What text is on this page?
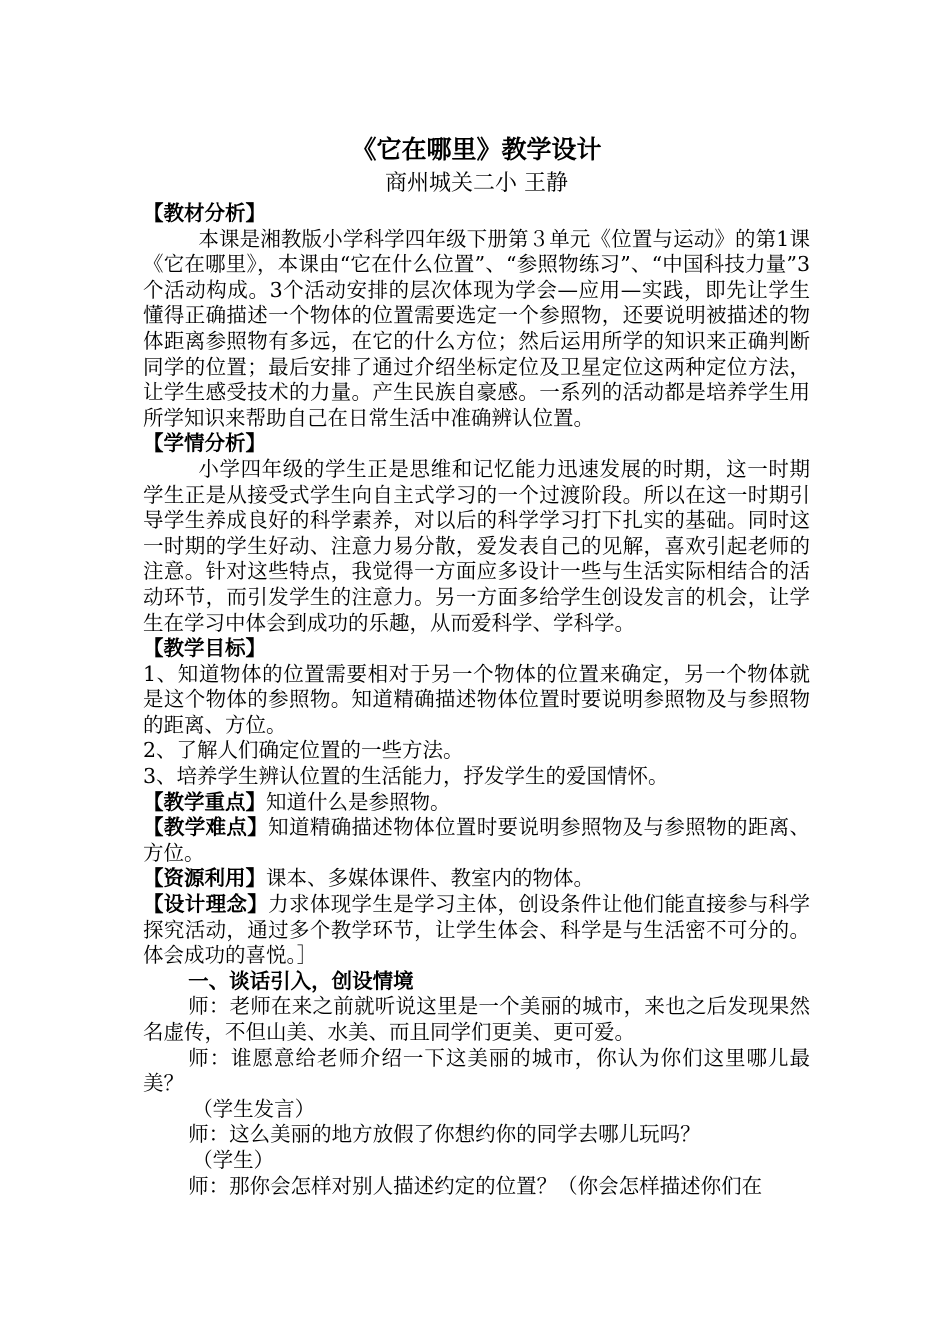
《它在哪里》教学设计
商州城关二小 王静
【教材分析】

本课是湘教版小学科学四年级下册第３单元《位置与运动》的第1课《它在哪里》，本课由“它在什么位置”、“参照物练习”、“中国科技力量”3个活动构成。3个活动安排的层次体现为学会—应用—实践，即先让学生懂得正确描述一个物体的位置需要选定一个参照物，还要说明被描述的物体距离参照物有多远，在它的什么方位；然后运用所学的知识来正确判断同学的位置；最后安排了通过介绍坐标定位及卫星定位这两种定位方法，让学生感受技术的力量。产生民族自豪感。一系列的活动都是培养学生用所学知识来帮助自己在日常生活中准确辨认位置。

【学情分析】

小学四年级的学生正是思维和记忆能力迅速发展的时期，这一时期学生正是从接受式学生向自主式学习的一个过渡阶段。所以在这一时期引导学生养成良好的科学素养，对以后的科学学习打下扎实的基础。同时这一时期的学生好动、注意力易分散，爱发表自己的见解，喜欢引起老师的注意。针对这些特点，我觉得一方面应多设计一些与生活实际相结合的活动环节，而引发学生的注意力。另一方面多给学生创设发言的机会，让学生在学习中体会到成功的乐趣，从而爱科学、学科学。

【教学目标】

1、知道物体的位置需要相对于另一个物体的位置来确定，另一个物体就是这个物体的参照物。知道精确描述物体位置时要说明参照物及与参照物的距离、方位。

2、了解人们确定位置的一些方法。

3、培养学生辨认位置的生活能力，抒发学生的爱国情怀。

【教学重点】知道什么是参照物。

【教学难点】知道精确描述物体位置时要说明参照物及与参照物的距离、方位。

【资源利用】课本、多媒体课件、教室内的物体。

【设计理念】力求体现学生是学习主体，创设条件让他们能直接参与科学探究活动，通过多个教学环节，让学生体会、科学是与生活密不可分的。体会成功的喜悦。］

一、谈话引入，创设情境

师：老师在来之前就听说这里是一个美丽的城市，来也之后发现果然名虚传，不但山美、水美、而且同学们更美、更可爱。

师：谁愿意给老师介绍一下这美丽的城市，你认为你们这里哪儿最美？

（学生发言）

师：这么美丽的地方放假了你想约你的同学去哪儿玩吗？

（学生）

师：那你会怎样对别人描述约定的位置？（你会怎样描述你们在
